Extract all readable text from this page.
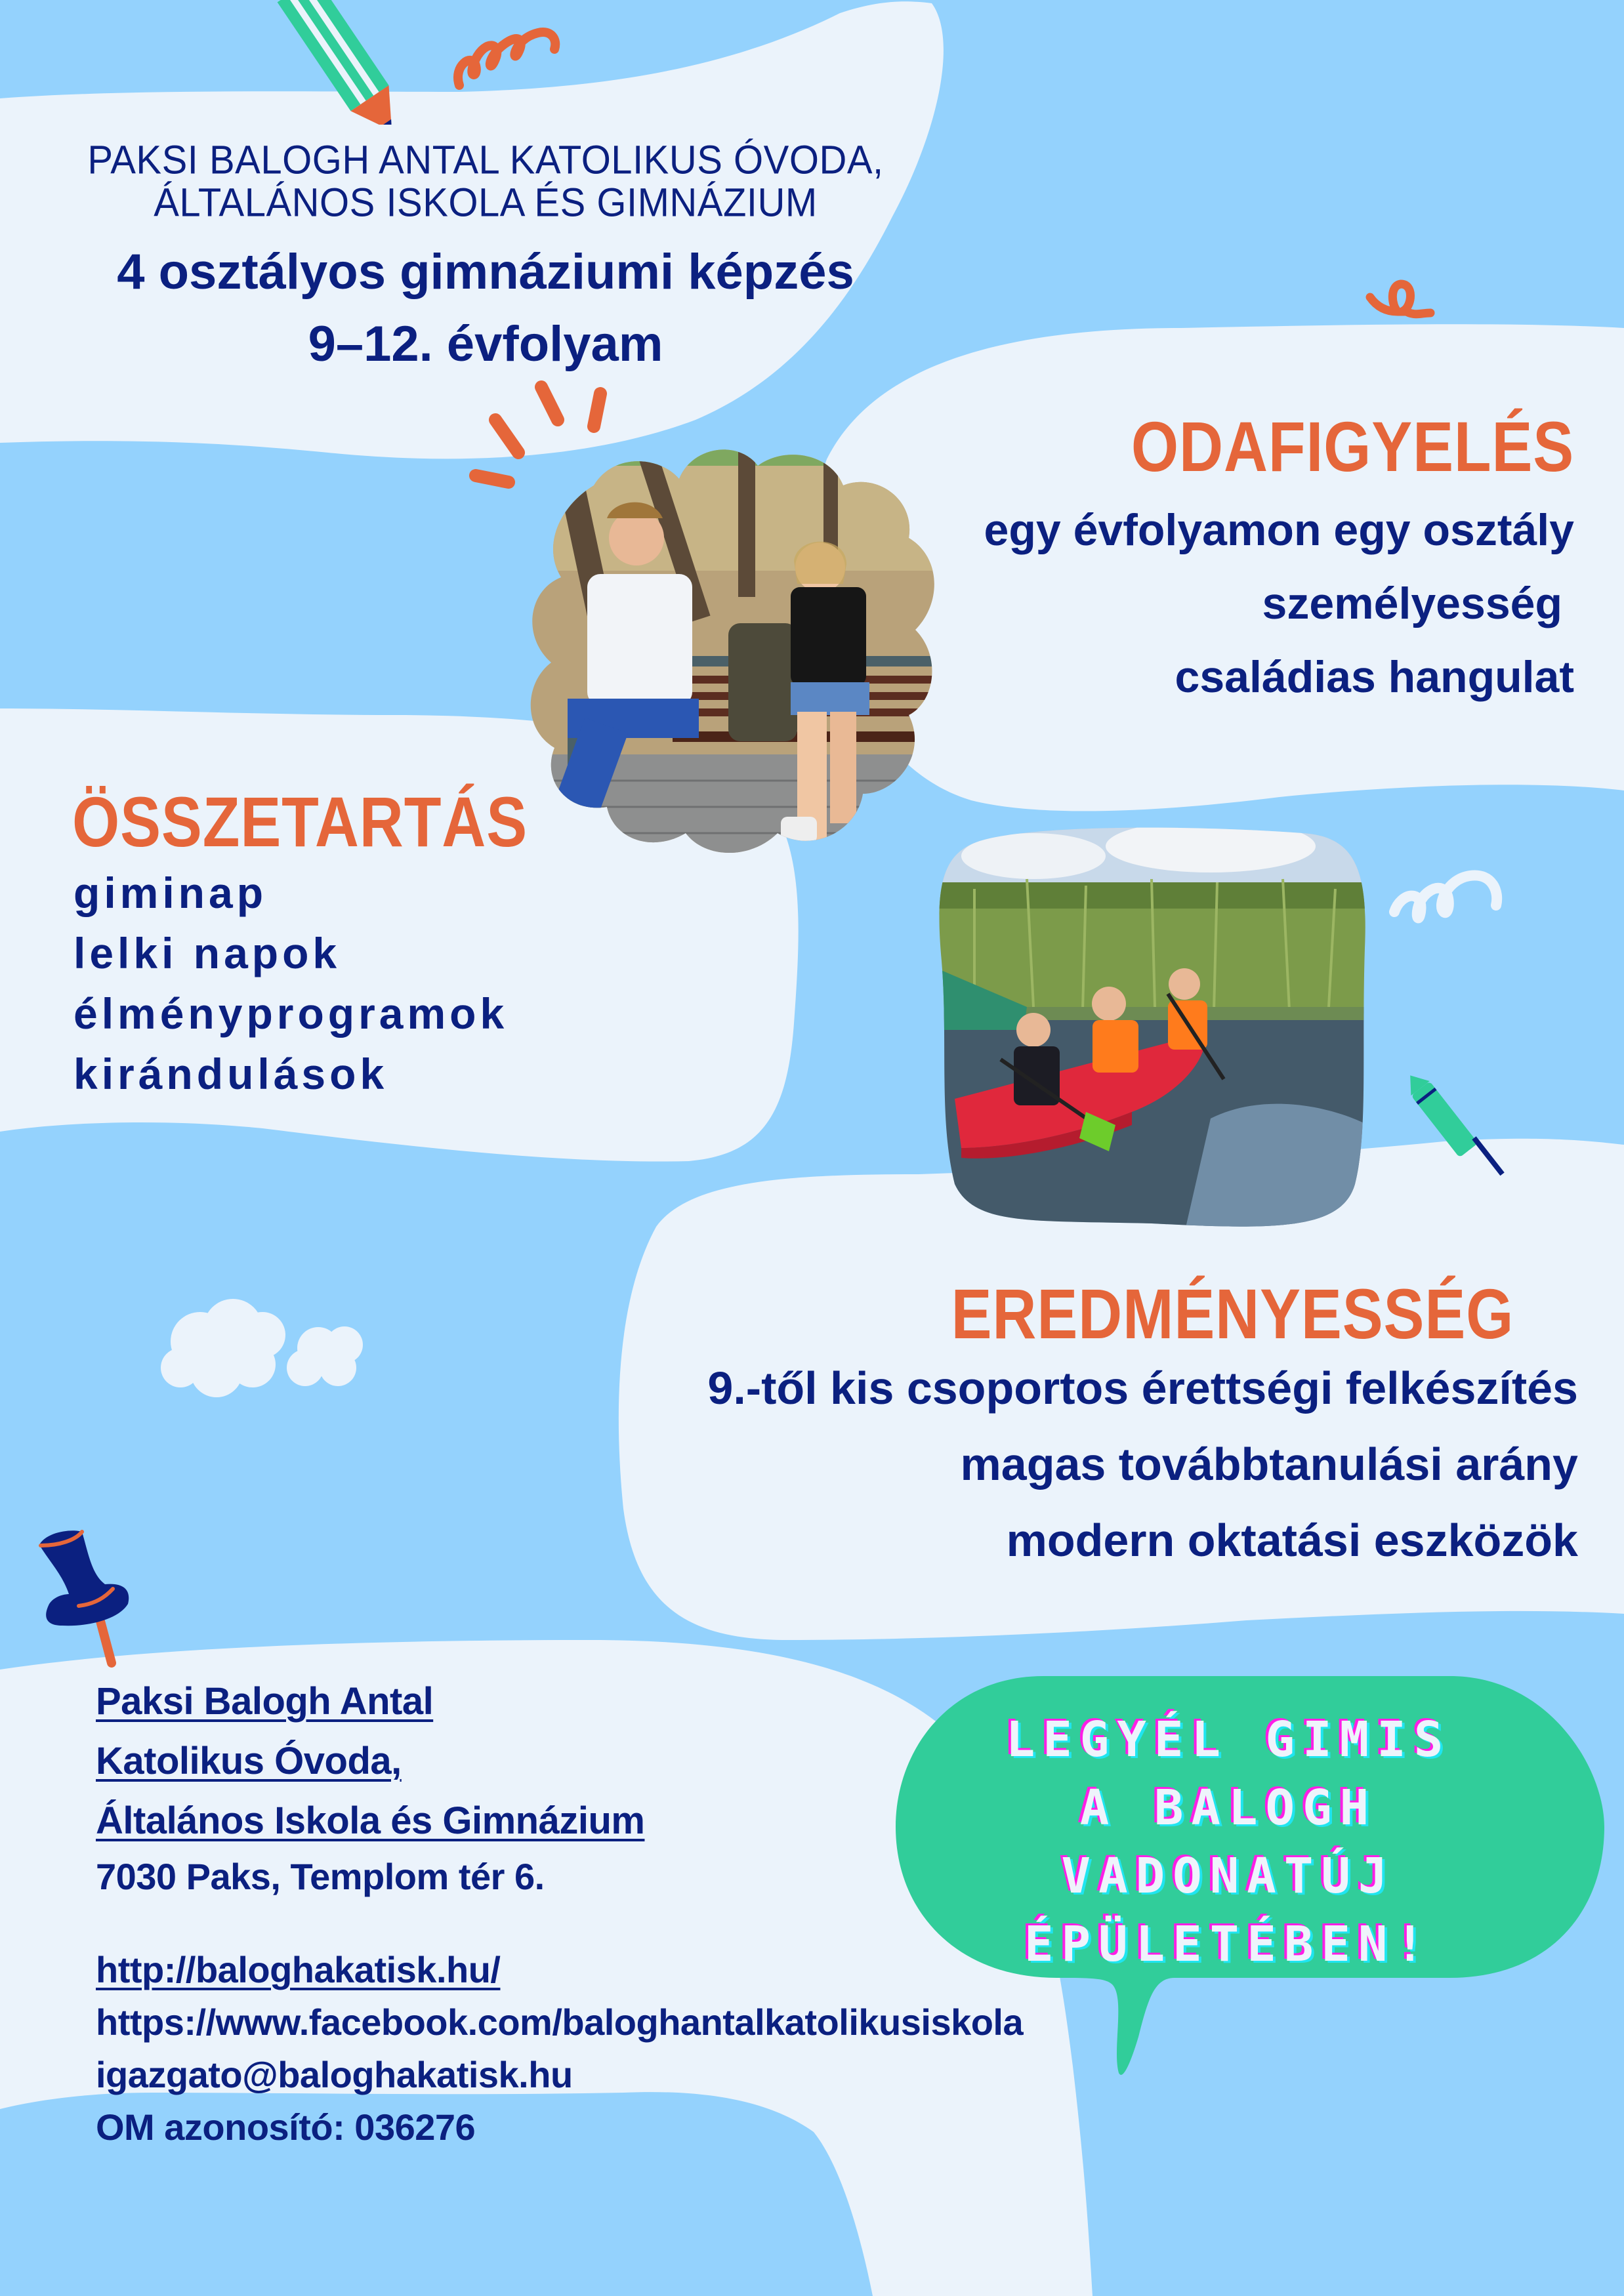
PAKSI BALOGH ANTAL KATOLIKUS ÓVODA,
ÁLTALÁNOS ISKOLA ÉS GIMNÁZIUM
4 osztályos gimnáziumi képzés
9–12. évfolyam
ODAFIGYELÉS
egy évfolyamon egy osztály
személyesség
családias hangulat
ÖSSZETARTÁS
giminap
lelki napok
élményprogramok
kirándulások
EREDMÉNYESSÉG
9.-től kis csoportos érettségi felkészítés
magas továbbtanulási arány
modern oktatási eszközök
Paksi Balogh Antal
Katolikus Óvoda,
Általános Iskola és Gimnázium
7030 Paks, Templom tér 6.
http://baloghakatisk.hu/
https://www.facebook.com/baloghantalkatolikusiskola
igazgato@baloghakatisk.hu
OM azonosító: 036276
LEGYÉL GIMIS
A BALOGH
VADONATÚJ
ÉPÜLETÉBEN!
